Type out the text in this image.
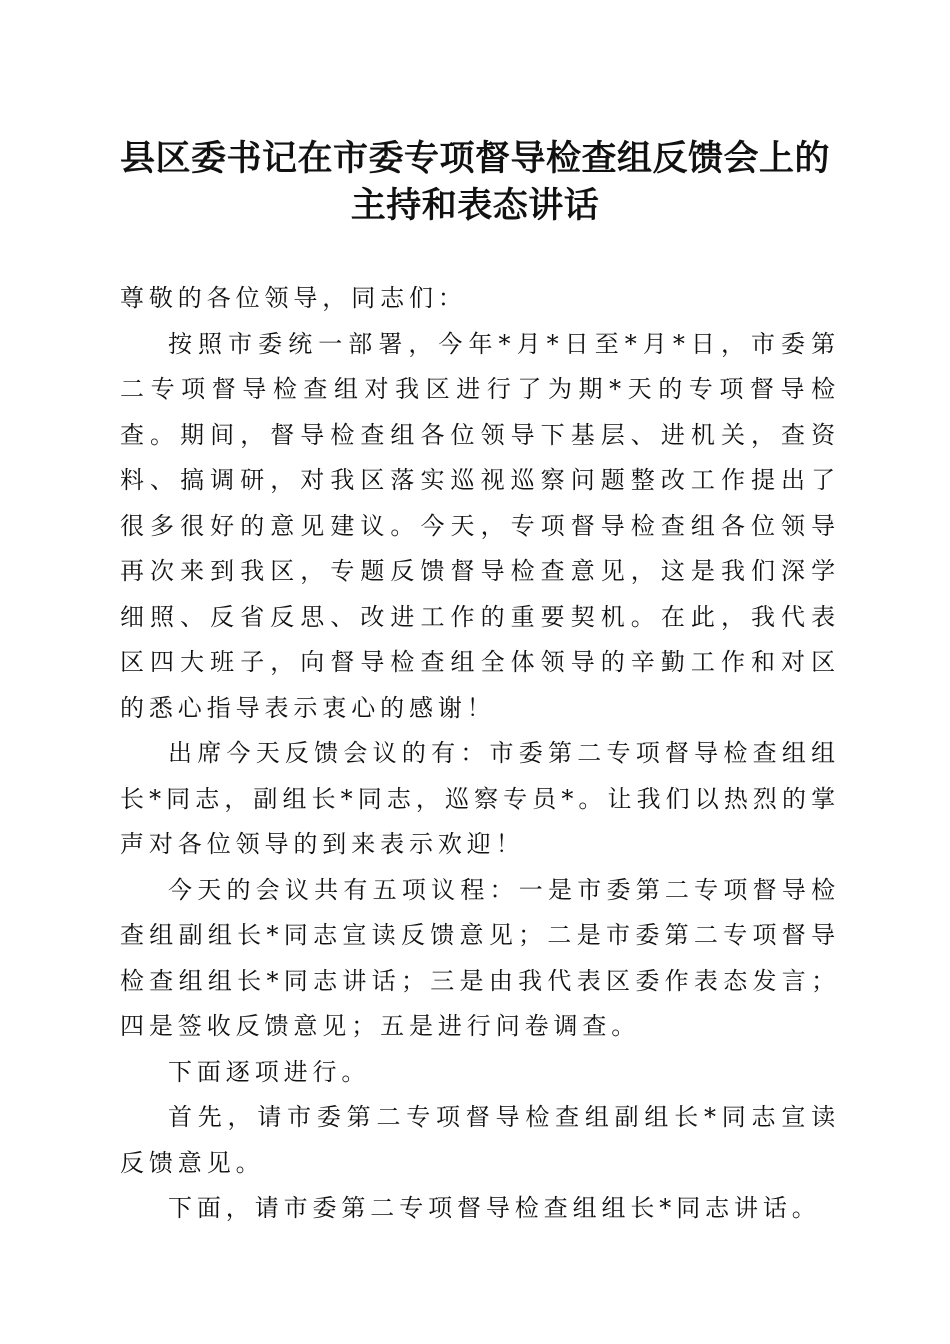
县区委书记在市委专项督导检查组反馈会上的
主持和表态讲话

尊敬的各位领导，同志们：

按照市委统一部署，今年*月*日至*月*日，市委第二专项督导检查组对我区进行了为期*天的专项督导检查。期间，督导检查组各位领导下基层、进机关，查资料、搞调研，对我区落实巡视巡察问题整改工作提出了很多很好的意见建议。今天，专项督导检查组各位领导再次来到我区，专题反馈督导检查意见，这是我们深学细照、反省反思、改进工作的重要契机。在此，我代表区四大班子，向督导检查组全体领导的辛勤工作和对区的悉心指导表示衷心的感谢！

出席今天反馈会议的有：市委第二专项督导检查组组长*同志，副组长*同志，巡察专员*。让我们以热烈的掌声对各位领导的到来表示欢迎！

今天的会议共有五项议程：一是市委第二专项督导检查组副组长*同志宣读反馈意见；二是市委第二专项督导检查组组长*同志讲话；三是由我代表区委作表态发言；四是签收反馈意见；五是进行问卷调查。

下面逐项进行。

首先，请市委第二专项督导检查组副组长*同志宣读反馈意见。

下面，请市委第二专项督导检查组组长*同志讲话。
